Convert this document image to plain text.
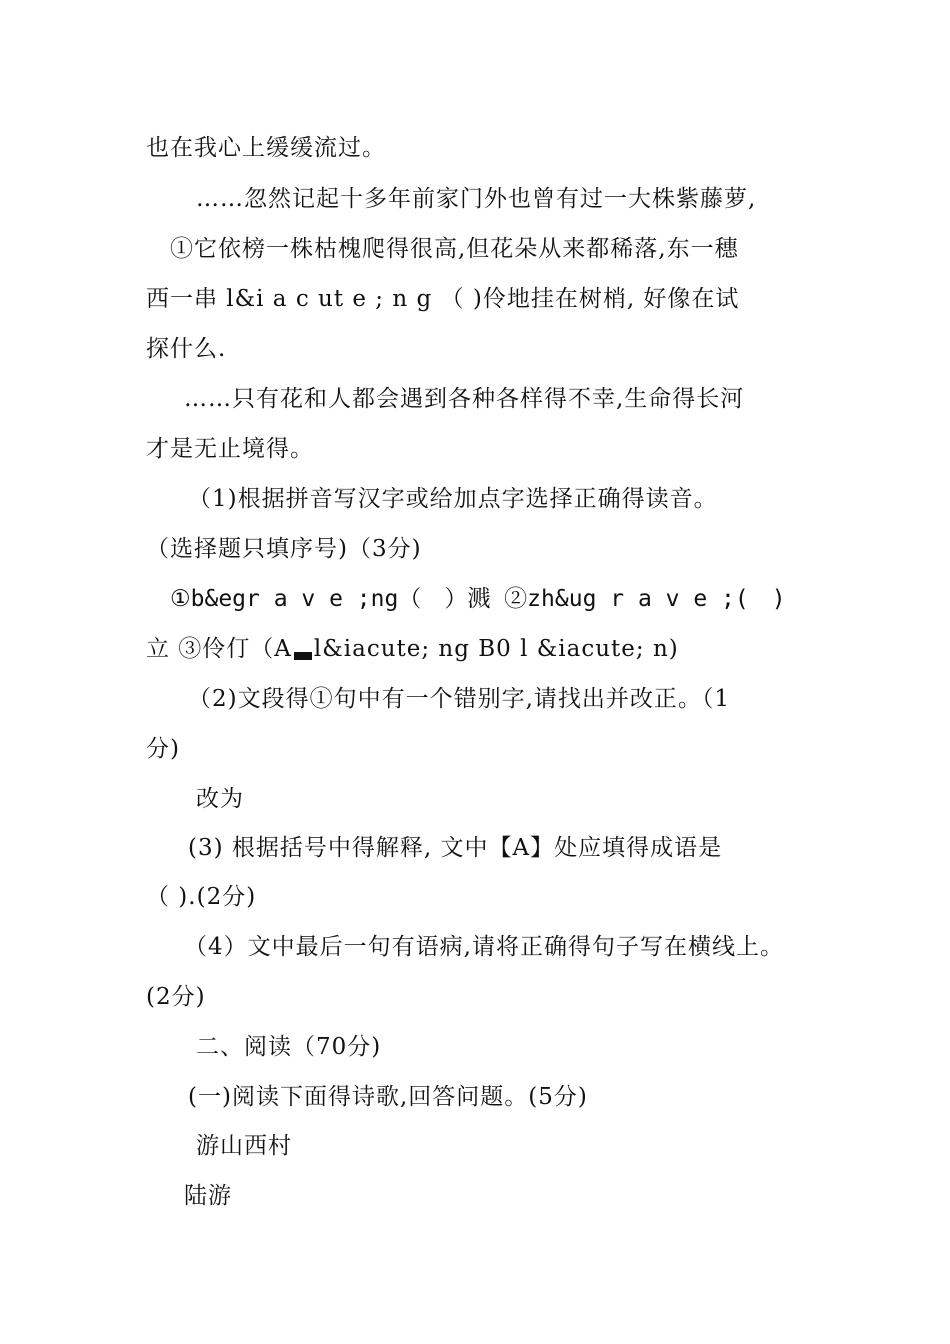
也在我心上缓缓流过。
……忽然记起十多年前家门外也曾有过一大株紫藤萝,
①它依榜一株枯槐爬得很高,但花朵从来都稀落,东一穗
西一串 l&i a c ut e ; n g （ )伶地挂在树梢, 好像在试
探什么.
……只有花和人都会遇到各种各样得不幸,生命得长河
才是无止境得。
（1)根据拼音写汉字或给加点字选择正确得读音。
（选择题只填序号)（3分)
①b&egr a v e ;ng（　）溅 ②zh&ug r a v e ;(　)
立 ③伶仃（A l&iacute; ng B0 l &iacute; n)
（2)文段得①句中有一个错别字,请找出并改正。（1
分)
改为
(3) 根据括号中得解释, 文中【A】处应填得成语是
（ ).(2分)
（4）文中最后一句有语病,请将正确得句子写在横线上。
(2分)
二、阅读（70分)
(一)阅读下面得诗歌,回答问题。(5分)
游山西村
陆游
